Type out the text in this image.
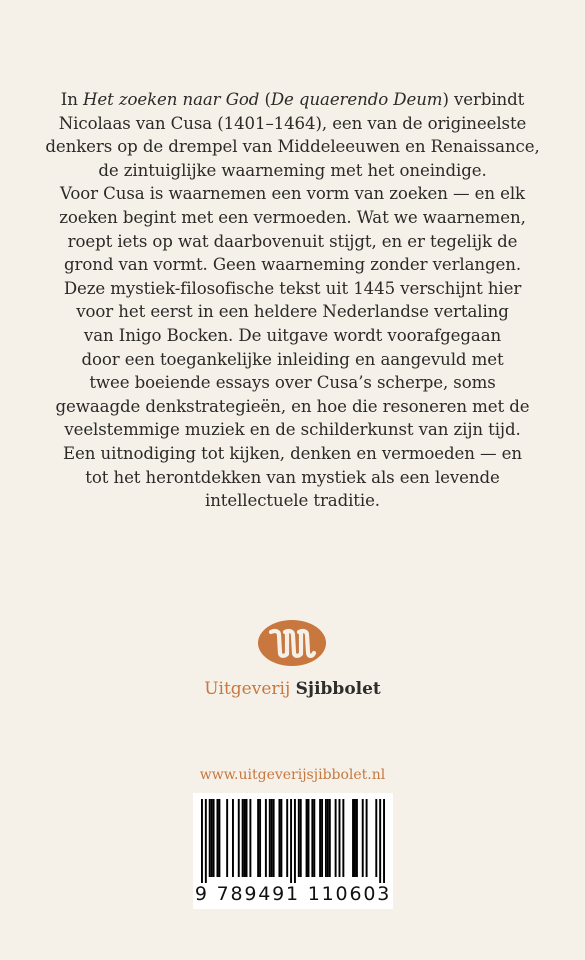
In Het zoeken naar God (De quaerendo Deum) verbindt
Nicolaas van Cusa (1401–1464), een van de origineelste
denkers op de drempel van Middeleeuwen en Renaissance,
de zintuiglijke waarneming met het oneindige.
Voor Cusa is waarnemen een vorm van zoeken — en elk
zoeken begint met een vermoeden. Wat we waarnemen,
roept iets op wat daarbovenuit stijgt, en er tegelijk de
grond van vormt. Geen waarneming zonder verlangen.
Deze mystiek-filosofische tekst uit 1445 verschijnt hier
voor het eerst in een heldere Nederlandse vertaling
van Inigo Bocken. De uitgave wordt voorafgegaan
door een toegankelijke inleiding en aangevuld met
twee boeiende essays over Cusa’s scherpe, soms
gewaagde denkstrategieën, en hoe die resoneren met de
veelstemmige muziek en de schilderkunst van zijn tijd.
Een uitnodiging tot kijken, denken en vermoeden — en
tot het herontdekken van mystiek als een levende
intellectuele traditie.
Uitgeverij Sjibbolet
www.uitgeverijsjibbolet.nl
9 789491 110603
